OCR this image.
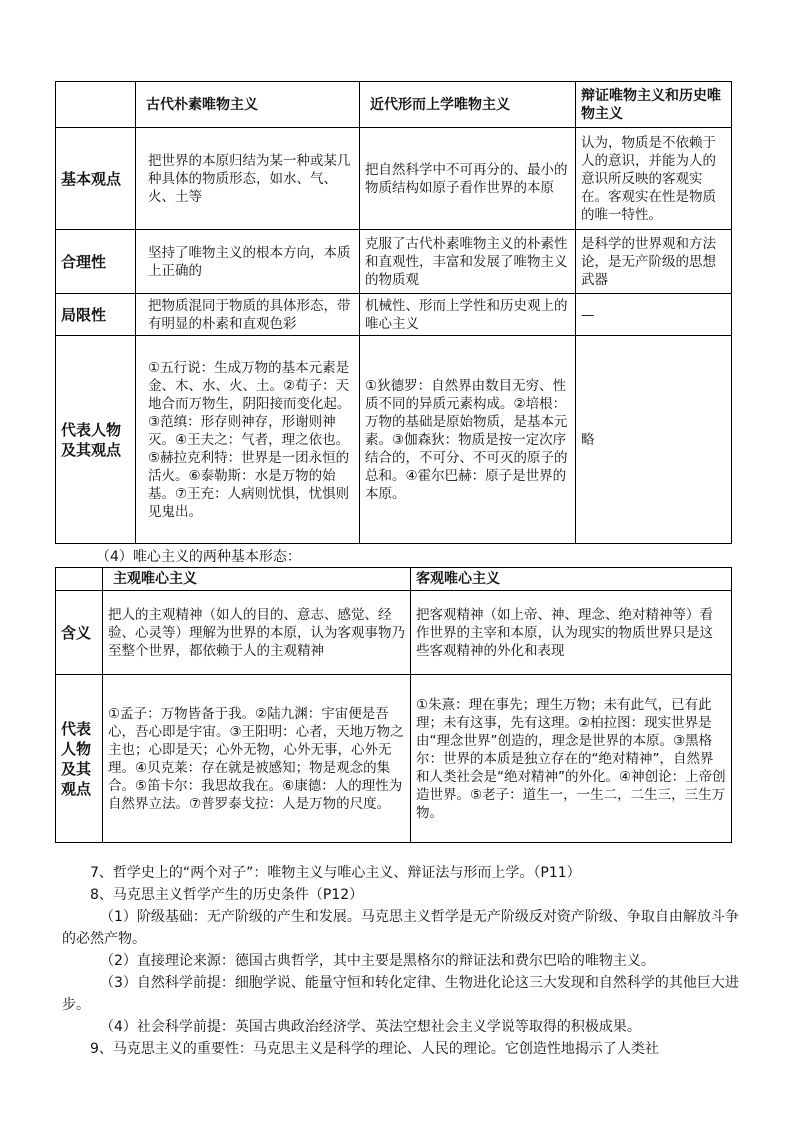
	古代朴素唯物主义	近代形而上学唯物主义	辩证唯物主义和历史唯物主义
基本观点	把世界的本原归结为某一种或某几种具体的物质形态，如水、气、火、土等	把自然科学中不可再分的、最小的物质结构如原子看作世界的本原	认为，物质是不依赖于人的意识，并能为人的意识所反映的客观实在。客观实在性是物质的唯一特性。
合理性	坚持了唯物主义的根本方向，本质上正确的	克服了古代朴素唯物主义的朴素性和直观性，丰富和发展了唯物主义的物质观	是科学的世界观和方法论，是无产阶级的思想武器
局限性	把物质混同于物质的具体形态，带有明显的朴素和直观色彩	机械性、形而上学性和历史观上的唯心主义	—
代表人物及其观点	①五行说：生成万物的基本元素是金、木、水、火、土。②荀子：天地合而万物生，阴阳接而变化起。③范缜：形存则神存，形谢则神灭。④王夫之：气者，理之依也。⑤赫拉克利特：世界是一团永恒的活火。⑥泰勒斯：水是万物的始基。⑦王充：人病则忧惧，忧惧则见鬼出。	①狄德罗：自然界由数目无穷、性质不同的异质元素构成。②培根：万物的基础是原始物质，是基本元素。③伽森狄：物质是按一定次序结合的，不可分、不可灭的原子的总和。④霍尔巴赫：原子是世界的本原。	略
（4）唯心主义的两种基本形态：
	主观唯心主义	客观唯心主义
含义	把人的主观精神（如人的目的、意志、感觉、经验、心灵等）理解为世界的本原，认为客观事物乃至整个世界，都依赖于人的主观精神	把客观精神（如上帝、神、理念、绝对精神等）看作世界的主宰和本原，认为现实的物质世界只是这些客观精神的外化和表现
代表人物及其观点	①孟子：万物皆备于我。②陆九渊：宇宙便是吾心，吾心即是宇宙。③王阳明：心者，天地万物之主也；心即是天；心外无物，心外无事，心外无理。④贝克莱：存在就是被感知；物是观念的集合。⑤笛卡尔：我思故我在。⑥康德：人的理性为自然界立法。⑦普罗泰戈拉：人是万物的尺度。	①朱熹：理在事先；理生万物；未有此气，已有此理；未有这事，先有这理。②柏拉图：现实世界是由“理念世界”创造的，理念是世界的本原。③黑格尔：世界的本质是独立存在的“绝对精神”，自然界和人类社会是“绝对精神”的外化。④神创论：上帝创造世界。⑤老子：道生一，一生二，二生三，三生万物。
7、哲学史上的“两个对子”：唯物主义与唯心主义、辩证法与形而上学。（P11）
8、马克思主义哲学产生的历史条件（P12）
（1）阶级基础：无产阶级的产生和发展。马克思主义哲学是无产阶级反对资产阶级、争取自由解放斗争的必然产物。
（2）直接理论来源：德国古典哲学，其中主要是黑格尔的辩证法和费尔巴哈的唯物主义。
（3）自然科学前提：细胞学说、能量守恒和转化定律、生物进化论这三大发现和自然科学的其他巨大进步。
（4）社会科学前提：英国古典政治经济学、英法空想社会主义学说等取得的积极成果。
9、马克思主义的重要性：马克思主义是科学的理论、人民的理论。它创造性地揭示了人类社
